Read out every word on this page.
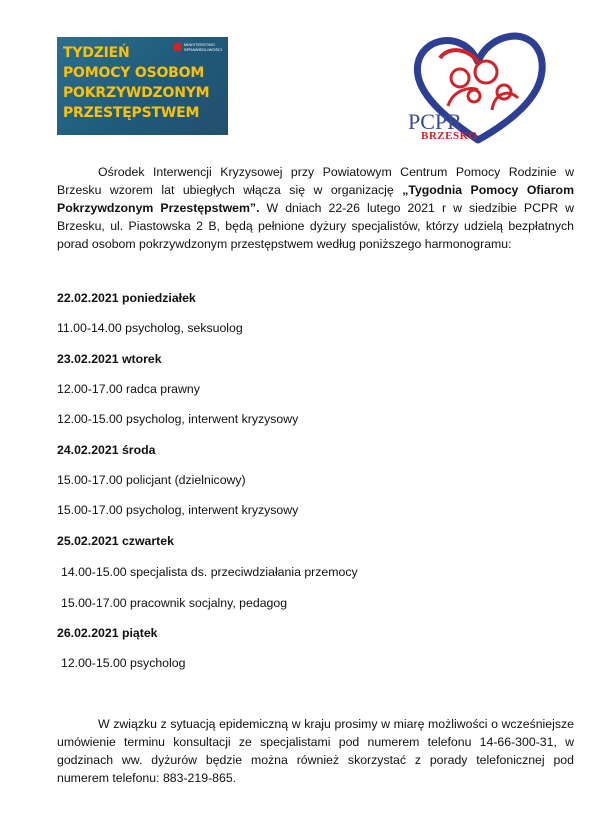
MINISTERSTWO
SPRAWIEDLIWOŚCI
TYDZIEŃ
POMOCY OSOBOM
POKRZYWDZONYM
PRZESTĘPSTWEM	PCPR
BRZESKO

Ośrodek Interwencji Kryzysowej przy Powiatowym Centrum Pomocy Rodzinie w Brzesku wzorem lat ubiegłych włącza się w organizację „Tygodnia Pomocy Ofiarom Pokrzywdzonym Przestępstwem”. W dniach 22-26 lutego 2021 r w siedzibie PCPR w Brzesku, ul. Piastowska 2 B, będą pełnione dyżury specjalistów, którzy udzielą bezpłatnych porad osobom pokrzywdzonym przestępstwem według poniższego harmonogramu:

22.02.2021 poniedziałek

11.00-14.00 psycholog, seksuolog

23.02.2021 wtorek

12.00-17.00 radca prawny

12.00-15.00 psycholog, interwent kryzysowy

24.02.2021 środa

15.00-17.00 policjant (dzielnicowy)

15.00-17.00 psycholog, interwent kryzysowy

25.02.2021 czwartek

14.00-15.00 specjalista ds. przeciwdziałania przemocy

15.00-17.00 pracownik socjalny, pedagog

26.02.2021 piątek

12.00-15.00 psycholog

W związku z sytuacją epidemiczną w kraju prosimy w miarę możliwości o wcześniejsze umówienie terminu konsultacji ze specjalistami pod numerem telefonu 14-66-300-31, w godzinach ww. dyżurów będzie można również skorzystać z porady telefonicznej pod numerem telefonu: 883-219-865.
